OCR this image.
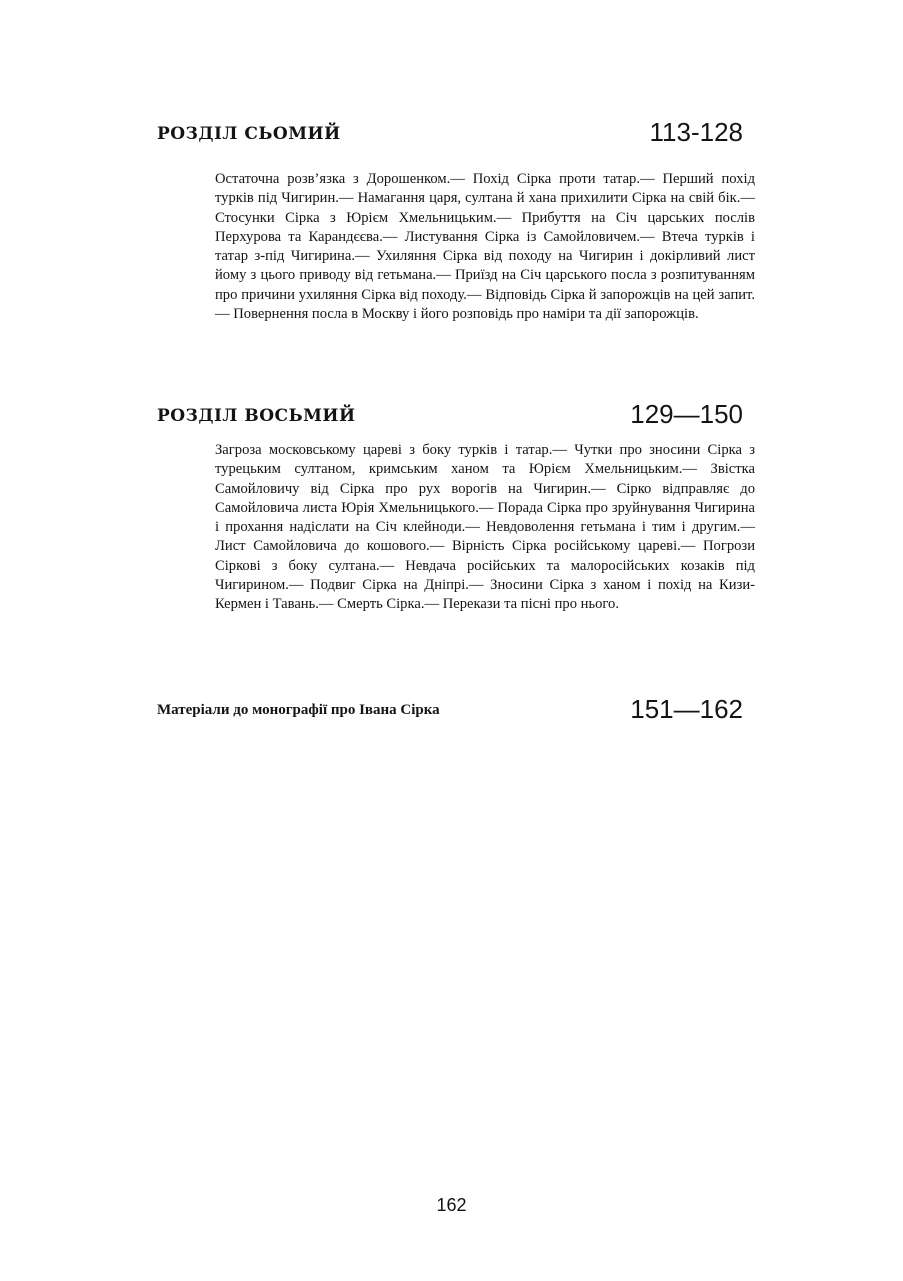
РОЗДІЛ СЬОМИЙ	113-128

Остаточна розв’язка з Дорошенком.— Похід Сірка проти татар.— Перший похід турків під Чигирин.— Намагання царя, султана й хана прихилити Сірка на свій бік.— Стосунки Сірка з Юрієм Хмельницьким.— Прибуття на Січ царських послів Перхурова та Карандєєва.— Листування Сірка із Самойловичем.— Втеча турків і татар з-під Чигирина.— Ухиляння Сірка від походу на Чигирин і докірливий лист йому з цього приводу від гетьмана.— Приїзд на Січ царського посла з розпитуванням про причини ухиляння Сірка від походу.— Відповідь Сірка й запорожців на цей запит.— Повернення посла в Москву і його розповідь про наміри та дії запорожців.

РОЗДІЛ ВОСЬМИЙ	129—150

Загроза московському цареві з боку турків і татар.— Чутки про зносини Сірка з турецьким султаном, кримським ханом та Юрієм Хмельницьким.— Звістка Самойловичу від Сірка про рух ворогів на Чигирин.— Сірко відправляє до Самойловича листа Юрія Хмельницького.— Порада Сірка про зруйнування Чигирина і прохання надіслати на Січ клейноди.— Невдоволення гетьмана і тим і другим.— Лист Самойловича до кошового.— Вірність Сірка російському цареві.— Погрози Сіркові з боку султана.— Невдача російських та малоросійських козаків під Чигирином.— Подвиг Сірка на Дніпрі.— Зносини Сірка з ханом і похід на Кизи-Кермен і Тавань.— Смерть Сірка.— Перекази та пісні про нього.

Матеріали до монографії про Івана Сірка	151—162
162
